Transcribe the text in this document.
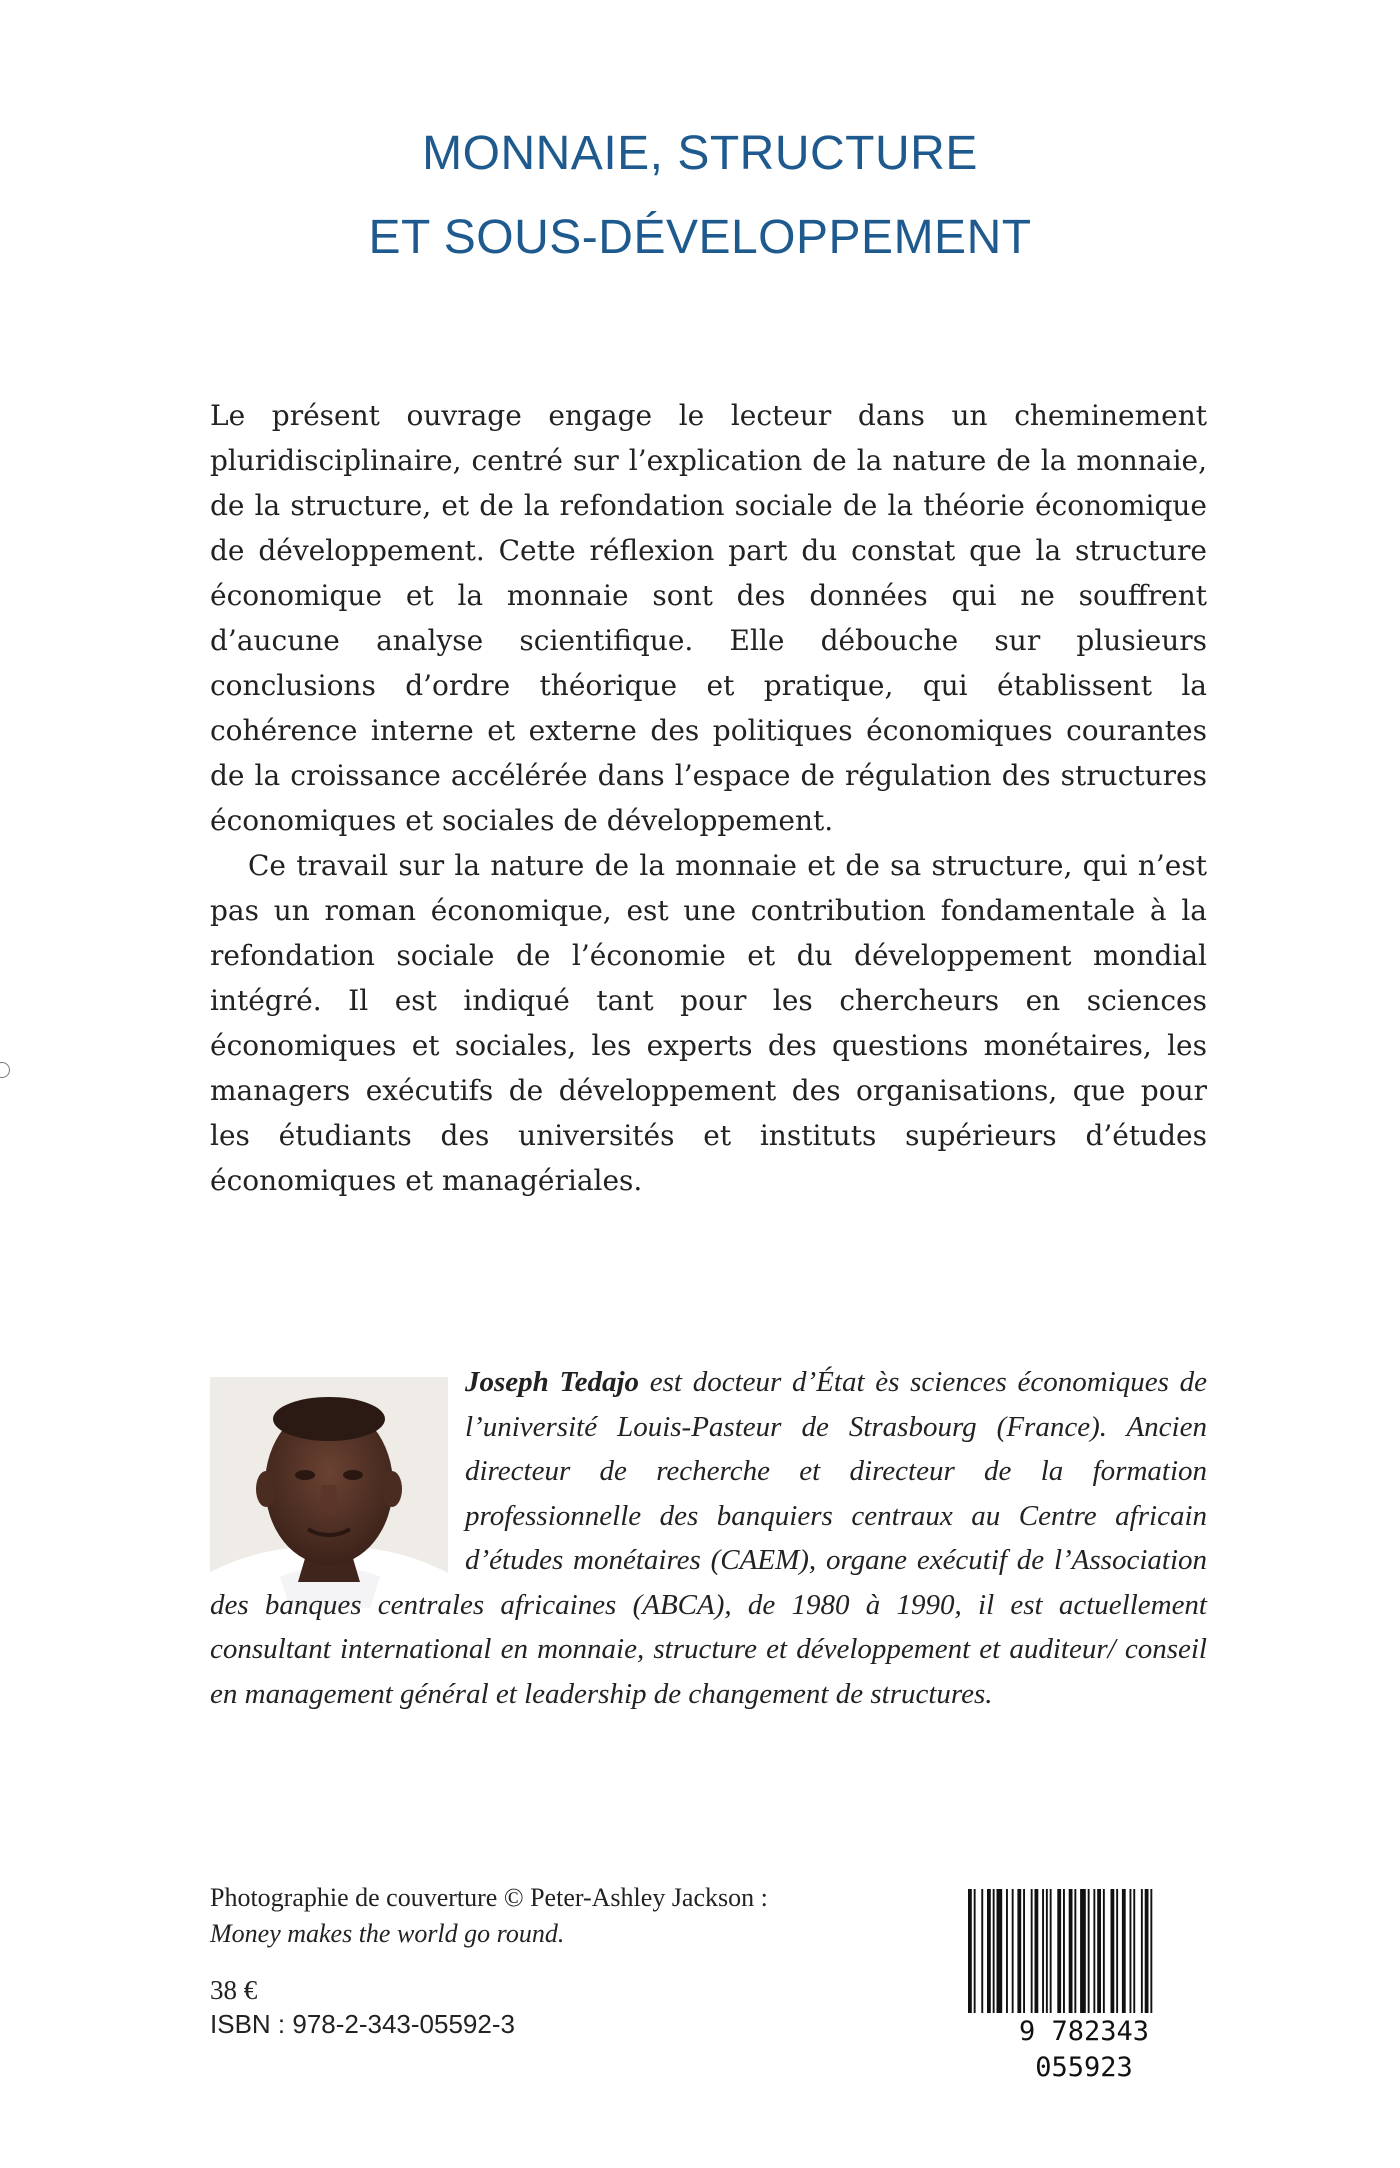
MONNAIE, STRUCTURE
ET SOUS-DÉVELOPPEMENT

Le présent ouvrage engage le lecteur dans un cheminement pluridisciplinaire, centré sur l’explication de la nature de la monnaie, de la structure, et de la refondation sociale de la théorie économique de développement. Cette réflexion part du constat que la structure économique et la monnaie sont des données qui ne souffrent d’aucune analyse scientifique. Elle débouche sur plusieurs conclusions d’ordre théorique et pratique, qui établissent la cohérence interne et externe des politiques économiques courantes de la croissance accélérée dans l’espace de régulation des structures économiques et sociales de développement.

Ce travail sur la nature de la monnaie et de sa structure, qui n’est pas un roman économique, est une contribution fondamentale à la refondation sociale de l’économie et du développement mondial intégré. Il est indiqué tant pour les chercheurs en sciences économiques et sociales, les experts des questions monétaires, les managers exécutifs de développement des organisations, que pour les étudiants des universités et instituts supérieurs d’études économiques et managériales.

Joseph Tedajo est docteur d’État ès sciences économiques de l’université Louis-Pasteur de Strasbourg (France). Ancien directeur de recherche et directeur de la formation professionnelle des banquiers centraux au Centre africain d’études monétaires (CAEM), organe exécutif de l’Association des banques centrales africaines (ABCA), de 1980 à 1990, il est actuellement consultant international en monnaie, structure et développement et auditeur/ conseil en management général et leadership de changement de structures.
Photographie de couverture © Peter-Ashley Jackson :
Money makes the world go round.
38 €
ISBN : 978-2-343-05592-3	9 782343 055923
